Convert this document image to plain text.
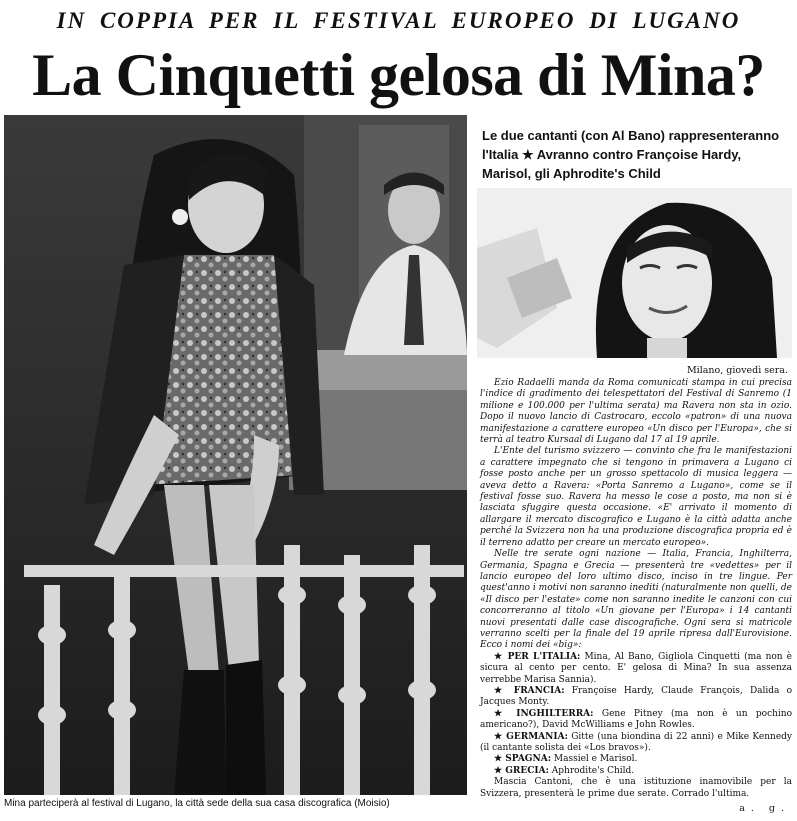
IN COPPIA PER IL FESTIVAL EUROPEO DI LUGANO
La Cinquetti gelosa di Mina?
Mina parteciperà al festival di Lugano, la città sede della sua casa discografica (Moisio)
Le due cantanti (con Al Bano) rappresenteranno l'Italia ★ Avranno contro Françoise Hardy, Marisol, gli Aphrodite's Child
Milano, giovedì sera.

Ezio Radaelli manda da Roma comunicati stampa in cui precisa l'indice di gradimento dei telespettatori del Festival di Sanremo (1 milione e 100.000 per l'ultima serata) ma Ravera non sta in ozio. Dopo il nuovo lancio di Castrocaro, eccolo «patron» di una nuova manifestazione a carattere europeo «Un disco per l'Europa», che si terrà al teatro Kursaal di Lugano dal 17 al 19 aprile.

L'Ente del turismo svizzero — convinto che fra le manifestazioni a carattere impegnato che si tengono in primavera a Lugano ci fosse posto anche per un grosso spettacolo di musica leggera — aveva detto a Ravera: «Porta Sanremo a Lugano», come se il festival fosse suo. Ravera ha messo le cose a posto, ma non si è lasciata sfuggire questa occasione. «E' arrivato il momento di allargare il mercato discografico e Lugano è la città adatta anche perché la Svizzera non ha una produzione discografica propria ed è il terreno adatto per creare un mercato europeo».

Nelle tre serate ogni nazione — Italia, Francia, Inghilterra, Germania, Spagna e Grecia — presenterà tre «vedettes» per il lancio europeo del loro ultimo disco, inciso in tre lingue. Per quest'anno i motivi non saranno inediti (naturalmente non quelli, de «Il disco per l'estate» come non saranno inedite le canzoni con cui concorreranno al titolo «Un giovane per l'Europa» i 14 cantanti nuovi presentati dalle case discografiche. Ogni sera si matricole verranno scelti per la finale del 19 aprile ripresa dall'Eurovisione. Ecco i nomi dei «big»:

★ PER L'ITALIA: Mina, Al Bano, Gigliola Cinquetti (ma non è sicura al cento per cento. E' gelosa di Mina? In sua assenza verrebbe Marisa Sannia).

★ FRANCIA: Françoise Hardy, Claude François, Dalida o Jacques Monty.

★ INGHILTERRA: Gene Pitney (ma non è un pochino americano?), David McWilliams e John Rowles.

★ GERMANIA: Gitte (una biondina di 22 anni) e Mike Kennedy (il cantante solista dei «Los bravos»).

★ SPAGNA: Massiel e Marisol.

★ GRECIA: Aphrodite's Child.

Mascia Cantoni, che è una istituzione inamovibile per la Svizzera, presenterà le prime due serate. Corrado l'ultima.

a. g.
